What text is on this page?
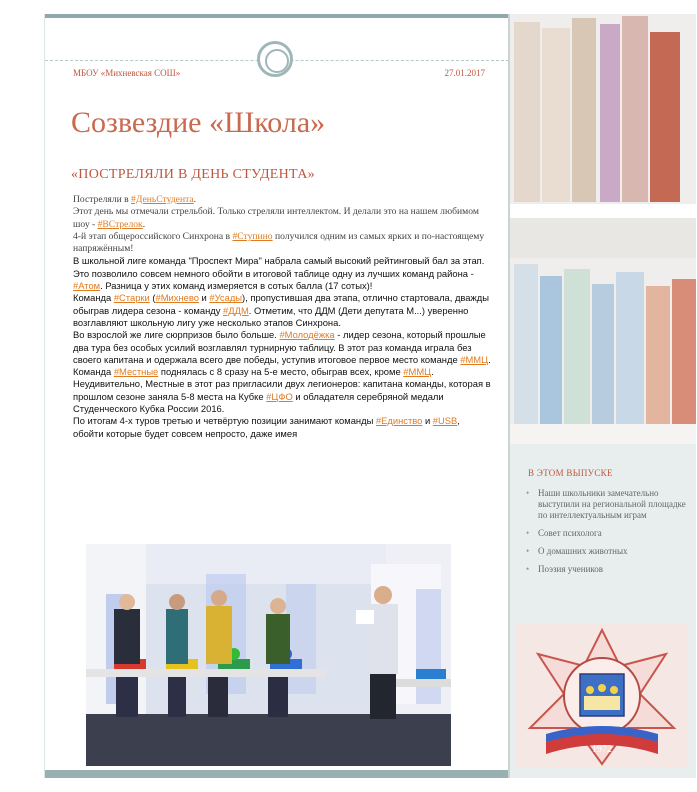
МБОУ «Михневская СОШ»	27.01.2017
Созвездие «Школа»
«ПОСТРЕЛЯЛИ В ДЕНЬ СТУДЕНТА»

Постреляли в #ДеньСтудента.

Этот день мы отмечали стрельбой. Только стреляли интеллектом. И делали это на нашем любимом шоу - #ВСтрелок.

4-й этап общероссийского Синхрона в #Ступино получился одним из самых ярких и по-настоящему напряжённым!

В школьной лиге команда "Проспект Мира" набрала самый высокий рейтинговый бал за этап. Это позволило совсем немного обойти в итоговой таблице одну из лучших команд района - #Атом. Разница у этих команд измеряется в сотых балла (17 сотых)!

Команда #Старки (#Михнево и #Усады), пропустившая два этапа, отлично стартовала, дважды обыграв лидера сезона - команду #ДДМ. Отметим, что ДДМ (Дети депутата М...) уверенно возглавляют школьную лигу уже несколько этапов Синхрона.

Во взрослой же лиге сюрпризов было больше. #Молодёжка - лидер сезона, который прошлые два тура без особых усилий возглавлял турнирную таблицу. В этот раз команда играла без своего капитана и одержала всего две победы, уступив итоговое первое место команде #ММЦ.

Команда #Местные поднялась с 8 сразу на 5-е место, обыграв всех, кроме #ММЦ. Неудивительно, Местные в этот раз пригласили двух легионеров: капитана команды, которая в прошлом сезоне заняла 5-8 места на Кубке #ЦФО и обладателя серебряной медали Студенческого Кубка России 2016.

По итогам 4-х туров третью и четвёртую позиции занимают команды #Единство и #USB, обойти которые будет совсем непросто, даже имея

В ЭТОМ ВЫПУСКЕ
• Наши школьники замечательно выступили на региональной площадке по интеллектуальным играм
• Совет психолога
• О домашних животных
• Поэзия учеников
1972
